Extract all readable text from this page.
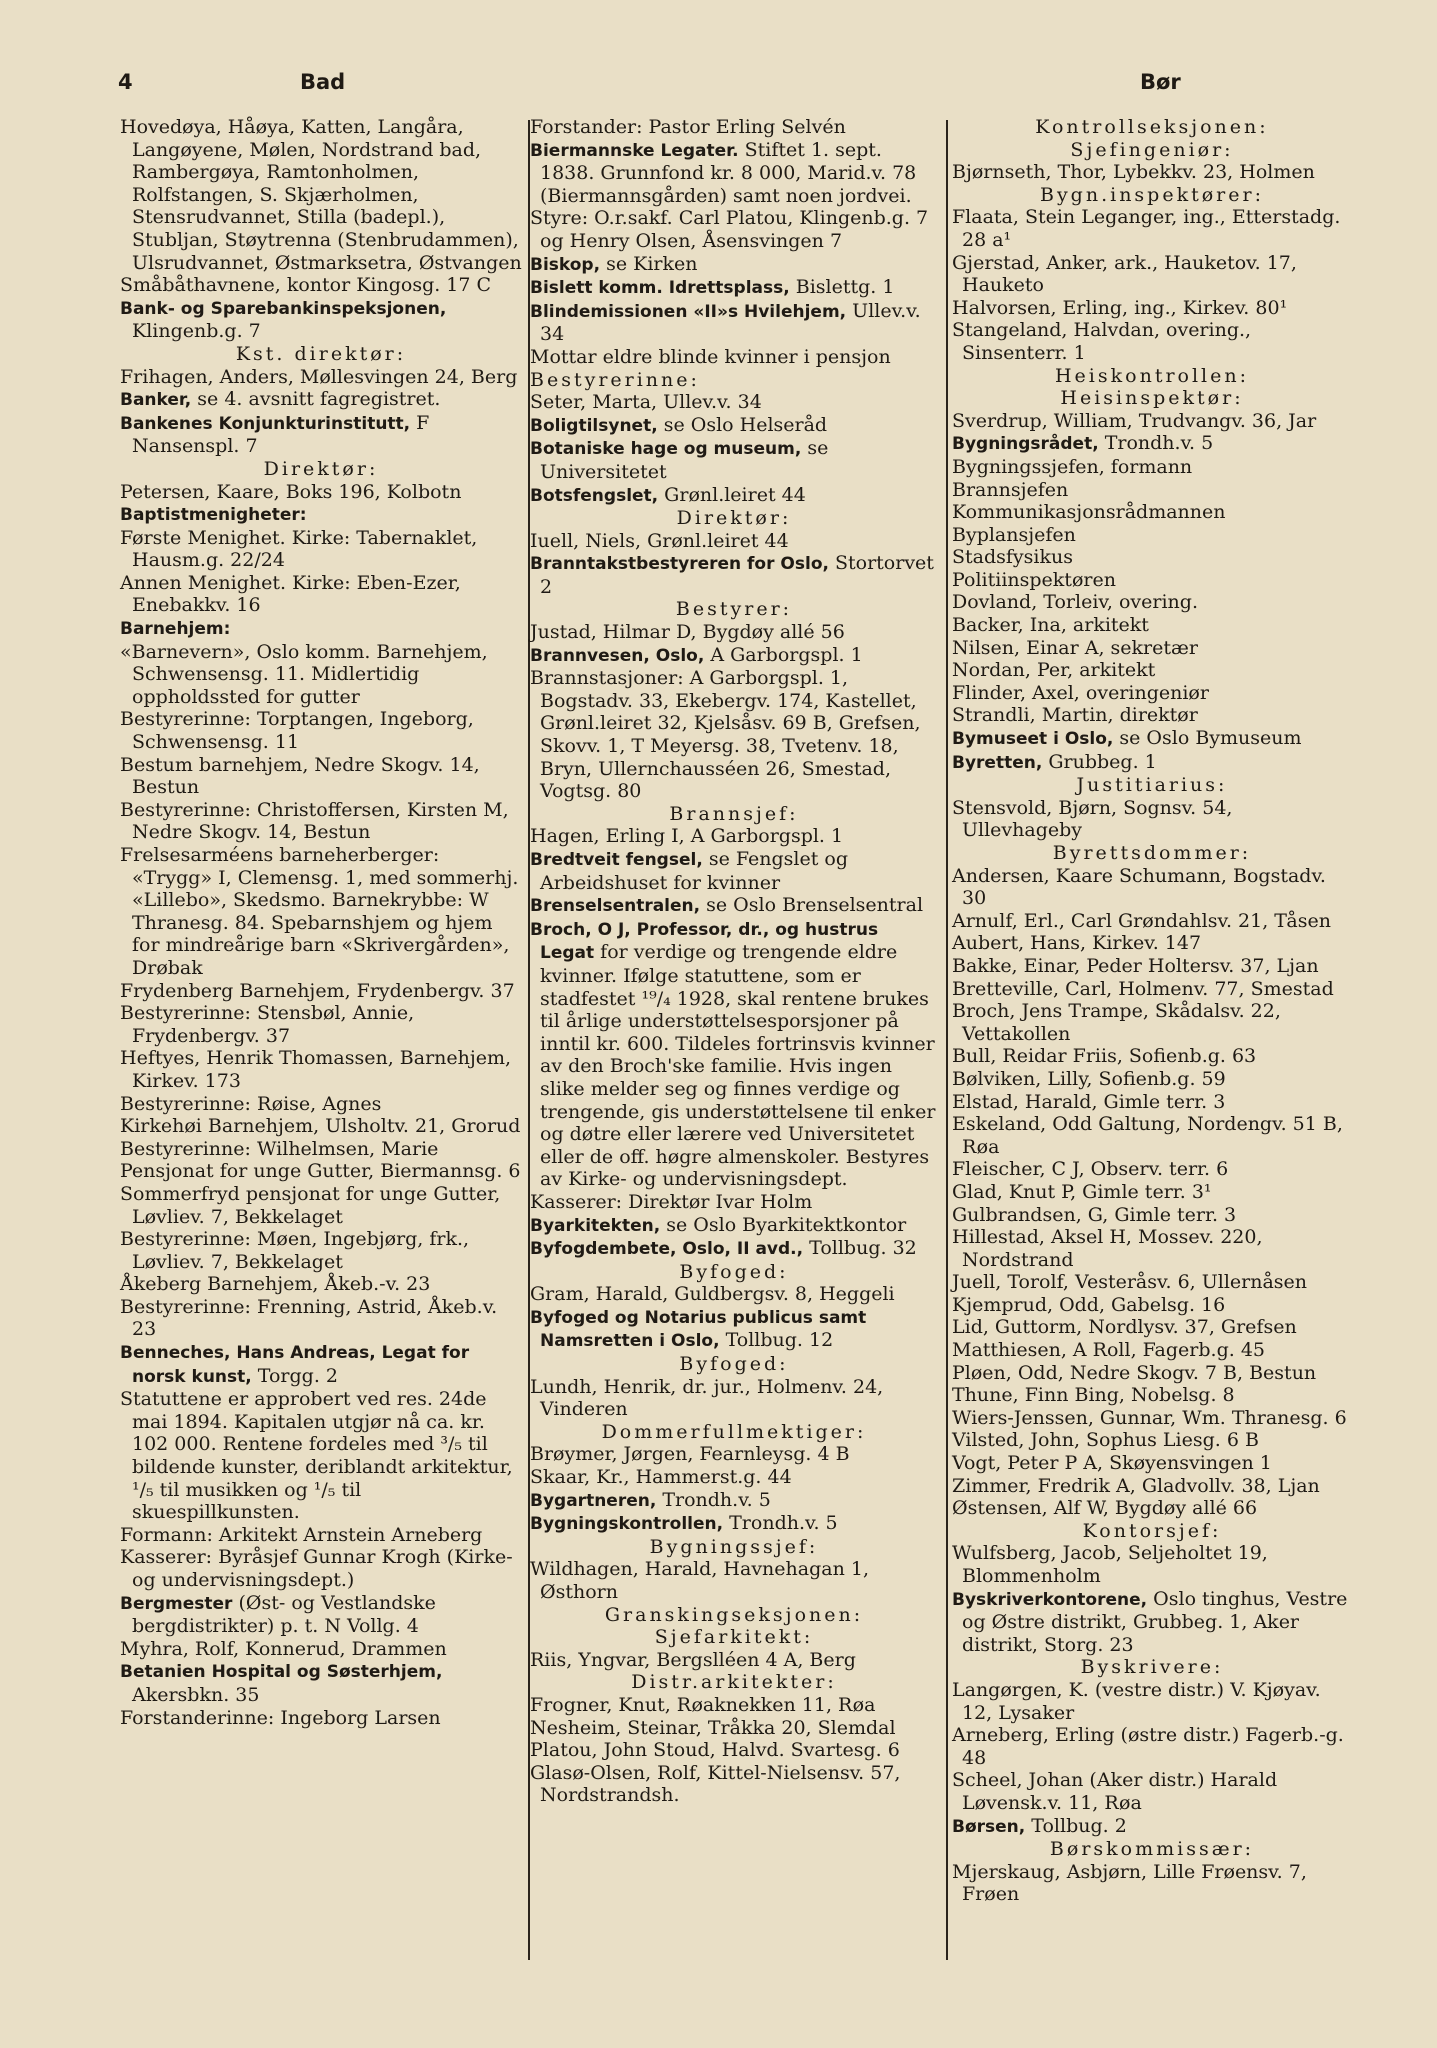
4	Bad	Bør
Hovedøya, Håøya, Katten, Langåra, Langøyene, Mølen, Nordstrand bad, Rambergøya, Ramtonholmen, Rolfstangen, S. Skjærholmen, Stensrudvannet, Stilla (badepl.), Stubljan, Støytrenna (Stenbrudammen), Ulsrudvannet, Østmarksetra, Østvangen
Småbåthavnene, kontor Kingosg. 17 C
Bank- og Sparebankinspeksjonen, Klingenb.g. 7
Kst. direktør:
Frihagen, Anders, Møllesvingen 24, Berg
Banker, se 4. avsnitt fagregistret.
Bankenes Konjunkturinstitutt, F Nansenspl. 7
Direktør:
Petersen, Kaare, Boks 196, Kolbotn
Baptistmenigheter:
Første Menighet. Kirke: Tabernaklet, Hausm.g. 22/24
Annen Menighet. Kirke: Eben-Ezer, Enebakkv. 16
Barnehjem:
«Barnevern», Oslo komm. Barnehjem, Schwensensg. 11. Midlertidig oppholdssted for gutter
Bestyrerinne: Torptangen, Ingeborg, Schwensensg. 11
Bestum barnehjem, Nedre Skogv. 14, Bestun
Bestyrerinne: Christoffersen, Kirsten M, Nedre Skogv. 14, Bestun
Frelsesarméens barneherberger: «Trygg» I, Clemensg. 1, med sommerhj. «Lillebo», Skedsmo. Barnekrybbe: W Thranesg. 84. Spebarnshjem og hjem for mindreårige barn «Skrivergården», Drøbak
Frydenberg Barnehjem, Frydenbergv. 37
Bestyrerinne: Stensbøl, Annie, Frydenbergv. 37
Heftyes, Henrik Thomassen, Barnehjem, Kirkev. 173
Bestyrerinne: Røise, Agnes
Kirkehøi Barnehjem, Ulsholtv. 21, Grorud
Bestyrerinne: Wilhelmsen, Marie
Pensjonat for unge Gutter, Biermannsg. 6
Sommerfryd pensjonat for unge Gutter, Løvliev. 7, Bekkelaget
Bestyrerinne: Møen, Ingebjørg, frk., Løvliev. 7, Bekkelaget
Åkeberg Barnehjem, Åkeb.-v. 23
Bestyrerinne: Frenning, Astrid, Åkeb.v. 23
Benneches, Hans Andreas, Legat for norsk kunst, Torgg. 2
Statuttene er approbert ved res. 24de mai 1894. Kapitalen utgjør nå ca. kr. 102 000. Rentene fordeles med ³/₅ til bildende kunster, deriblandt arkitektur, ¹/₅ til musikken og ¹/₅ til skuespillkunsten.
Formann: Arkitekt Arnstein Arneberg
Kasserer: Byråsjef Gunnar Krogh (Kirke- og undervisningsdept.)
Bergmester (Øst- og Vestlandske bergdistrikter) p. t. N Vollg. 4
Myhra, Rolf, Konnerud, Drammen
Betanien Hospital og Søsterhjem, Akersbkn. 35
Forstanderinne: Ingeborg Larsen
Forstander: Pastor Erling Selvén
Biermannske Legater. Stiftet 1. sept. 1838. Grunnfond kr. 8 000, Marid.v. 78 (Biermannsgården) samt noen jordvei.
Styre: O.r.sakf. Carl Platou, Klingenb.g. 7 og Henry Olsen, Åsensvingen 7
Biskop, se Kirken
Bislett komm. Idrettsplass, Bislettg. 1
Blindemissionen «II»s Hvilehjem, Ullev.v. 34
Mottar eldre blinde kvinner i pensjon
Bestyrerinne:
Seter, Marta, Ullev.v. 34
Boligtilsynet, se Oslo Helseråd
Botaniske hage og museum, se Universitetet
Botsfengslet, Grønl.leiret 44
Direktør:
Iuell, Niels, Grønl.leiret 44
Branntakstbestyreren for Oslo, Stortorvet 2
Bestyrer:
Justad, Hilmar D, Bygdøy allé 56
Brannvesen, Oslo, A Garborgspl. 1
Brannstasjoner: A Garborgspl. 1, Bogstadv. 33, Ekebergv. 174, Kastellet, Grønl.leiret 32, Kjelsåsv. 69 B, Grefsen, Skovv. 1, T Meyersg. 38, Tvetenv. 18, Bryn, Ullernchausséen 26, Smestad, Vogtsg. 80
Brannsjef:
Hagen, Erling I, A Garborgspl. 1
Bredtveit fengsel, se Fengslet og Arbeidshuset for kvinner
Brenselsentralen, se Oslo Brenselsentral
Broch, O J, Professor, dr., og hustrus Legat for verdige og trengende eldre kvinner. Ifølge statuttene, som er stadfestet ¹⁹/₄ 1928, skal rentene brukes til årlige understøttelsesporsjoner på inntil kr. 600. Tildeles fortrinsvis kvinner av den Broch'ske familie. Hvis ingen slike melder seg og finnes verdige og trengende, gis understøttelsene til enker og døtre eller lærere ved Universitetet eller de off. høgre almenskoler. Bestyres av Kirke- og undervisningsdept.
Kasserer: Direktør Ivar Holm
Byarkitekten, se Oslo Byarkitektkontor
Byfogdembete, Oslo, II avd., Tollbug. 32
Byfoged:
Gram, Harald, Guldbergsv. 8, Heggeli
Byfoged og Notarius publicus samt Namsretten i Oslo, Tollbug. 12
Byfoged:
Lundh, Henrik, dr. jur., Holmenv. 24, Vinderen
Dommerfullmektiger:
Brøymer, Jørgen, Fearnleysg. 4 B
Skaar, Kr., Hammerst.g. 44
Bygartneren, Trondh.v. 5
Bygningskontrollen, Trondh.v. 5
Bygningssjef:
Wildhagen, Harald, Havnehagan 1, Østhorn
Granskingseksjonen:
Sjefarkitekt:
Riis, Yngvar, Bergslléen 4 A, Berg
Distr.arkitekter:
Frogner, Knut, Røaknekken 11, Røa
Nesheim, Steinar, Tråkka 20, Slemdal
Platou, John Stoud, Halvd. Svartesg. 6
Glasø-Olsen, Rolf, Kittel-Nielsensv. 57, Nordstrandsh.
Kontrollseksjonen:
Sjefingeniør:
Bjørnseth, Thor, Lybekkv. 23, Holmen
Bygn.inspektører:
Flaata, Stein Leganger, ing., Etterstadg. 28 a¹
Gjerstad, Anker, ark., Hauketov. 17, Hauketo
Halvorsen, Erling, ing., Kirkev. 80¹
Stangeland, Halvdan, overing., Sinsenterr. 1
Heiskontrollen:
Heisinspektør:
Sverdrup, William, Trudvangv. 36, Jar
Bygningsrådet, Trondh.v. 5
Bygningssjefen, formann
Brannsjefen
Kommunikasjonsrådmannen
Byplansjefen
Stadsfysikus
Politiinspektøren
Dovland, Torleiv, overing.
Backer, Ina, arkitekt
Nilsen, Einar A, sekretær
Nordan, Per, arkitekt
Flinder, Axel, overingeniør
Strandli, Martin, direktør
Bymuseet i Oslo, se Oslo Bymuseum
Byretten, Grubbeg. 1
Justitiarius:
Stensvold, Bjørn, Sognsv. 54, Ullevhageby
Byrettsdommer:
Andersen, Kaare Schumann, Bogstadv. 30
Arnulf, Erl., Carl Grøndahlsv. 21, Tåsen
Aubert, Hans, Kirkev. 147
Bakke, Einar, Peder Holtersv. 37, Ljan
Bretteville, Carl, Holmenv. 77, Smestad
Broch, Jens Trampe, Skådalsv. 22, Vettakollen
Bull, Reidar Friis, Sofienb.g. 63
Bølviken, Lilly, Sofienb.g. 59
Elstad, Harald, Gimle terr. 3
Eskeland, Odd Galtung, Nordengv. 51 B, Røa
Fleischer, C J, Observ. terr. 6
Glad, Knut P, Gimle terr. 3¹
Gulbrandsen, G, Gimle terr. 3
Hillestad, Aksel H, Mossev. 220, Nordstrand
Juell, Torolf, Vesteråsv. 6, Ullernåsen
Kjemprud, Odd, Gabelsg. 16
Lid, Guttorm, Nordlysv. 37, Grefsen
Matthiesen, A Roll, Fagerb.g. 45
Pløen, Odd, Nedre Skogv. 7 B, Bestun
Thune, Finn Bing, Nobelsg. 8
Wiers-Jenssen, Gunnar, Wm. Thranesg. 6
Vilsted, John, Sophus Liesg. 6 B
Vogt, Peter P A, Skøyensvingen 1
Zimmer, Fredrik A, Gladvollv. 38, Ljan
Østensen, Alf W, Bygdøy allé 66
Kontorsjef:
Wulfsberg, Jacob, Seljeholtet 19, Blommenholm
Byskriverkontorene, Oslo tinghus, Vestre og Østre distrikt, Grubbeg. 1, Aker distrikt, Storg. 23
Byskrivere:
Langørgen, K. (vestre distr.) V. Kjøyav. 12, Lysaker
Arneberg, Erling (østre distr.) Fagerb.-g. 48
Scheel, Johan (Aker distr.) Harald Løvensk.v. 11, Røa
Børsen, Tollbug. 2
Børskommissær:
Mjerskaug, Asbjørn, Lille Frøensv. 7, Frøen
